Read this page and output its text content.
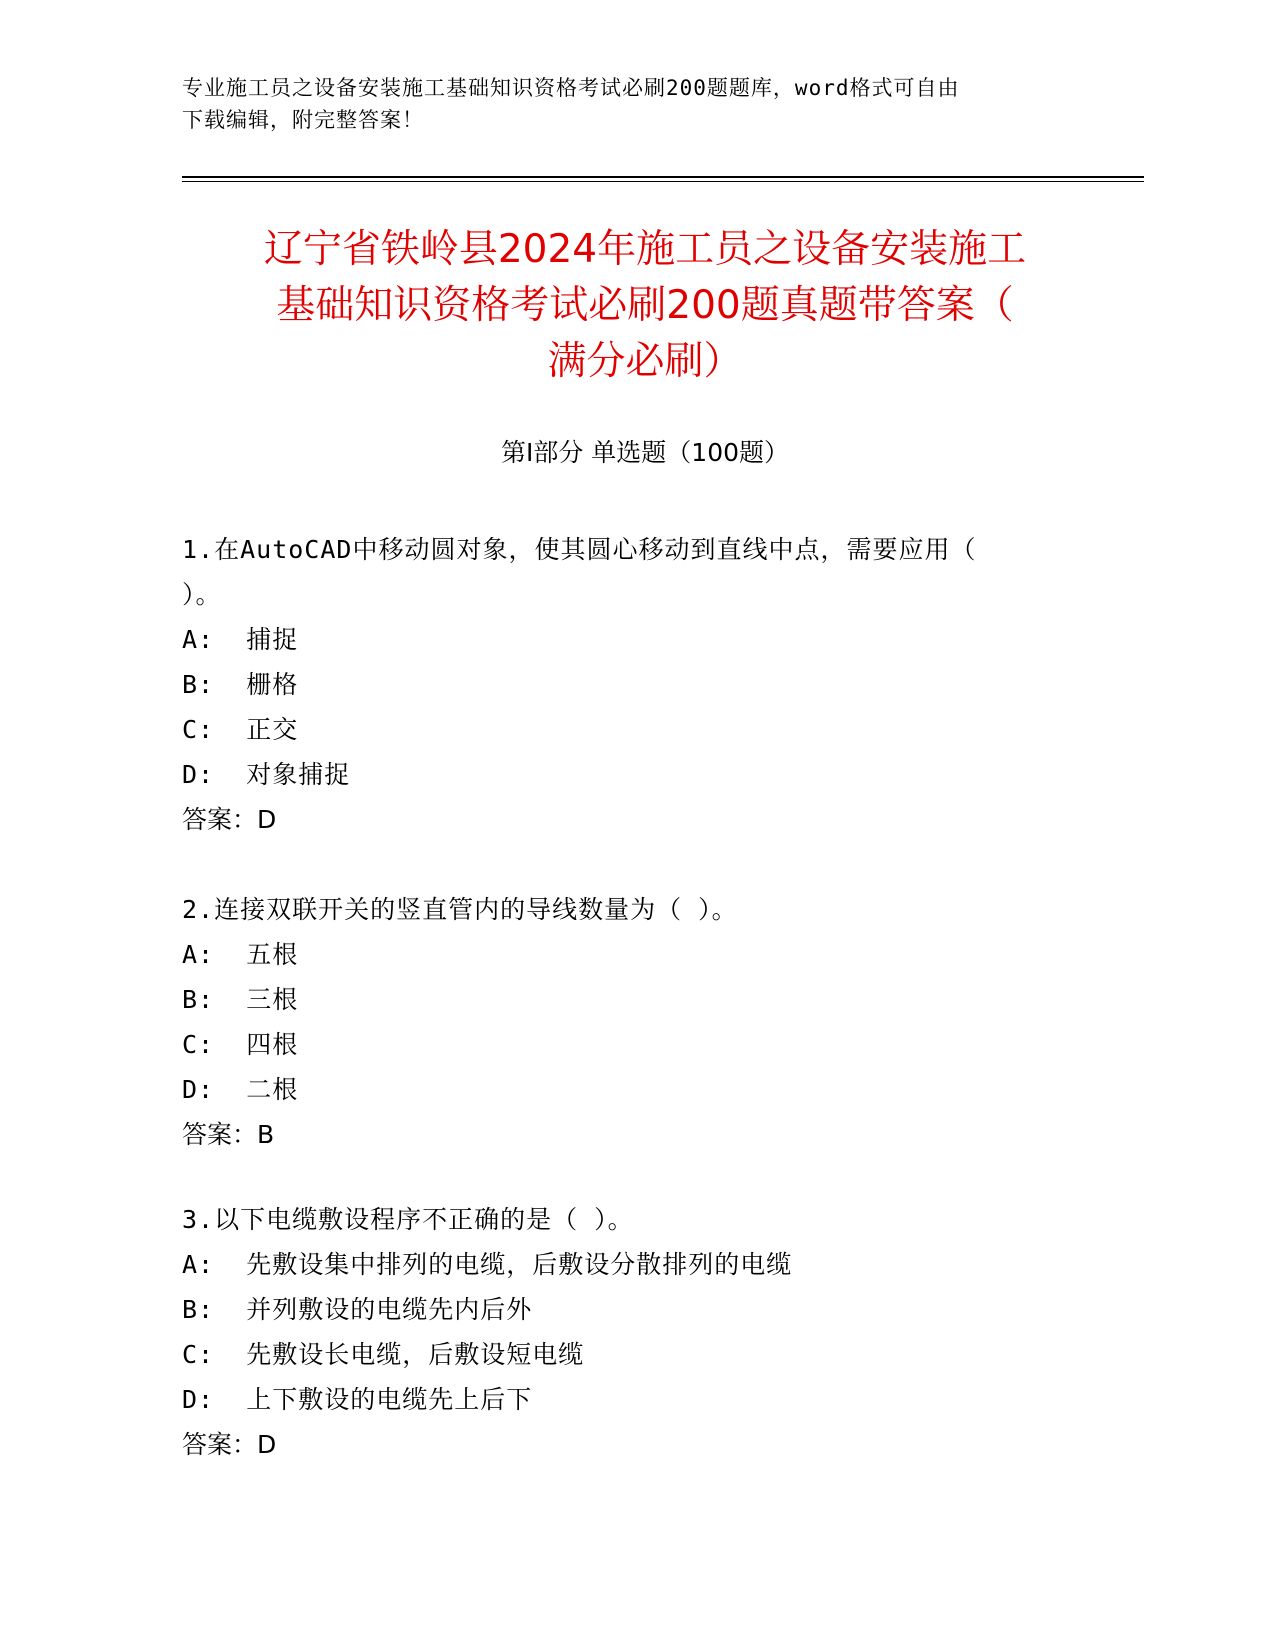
专业施工员之设备安装施工基础知识资格考试必刷200题题库，word格式可自由
下载编辑，附完整答案！
辽宁省铁岭县2024年施工员之设备安装施工
基础知识资格考试必刷200题真题带答案（
满分必刷）
第Ⅰ部分 单选题（100题）

1.在AutoCAD中移动圆对象，使其圆心移动到直线中点，需要应用（
）。

A:  捕捉

B:  栅格

C:  正交

D:  对象捕捉

答案：D

2.连接双联开关的竖直管内的导线数量为（ ）。

A:  五根

B:  三根

C:  四根

D:  二根

答案：B

3.以下电缆敷设程序不正确的是（ ）。

A:  先敷设集中排列的电缆，后敷设分散排列的电缆

B:  并列敷设的电缆先内后外

C:  先敷设长电缆，后敷设短电缆

D:  上下敷设的电缆先上后下

答案：D
